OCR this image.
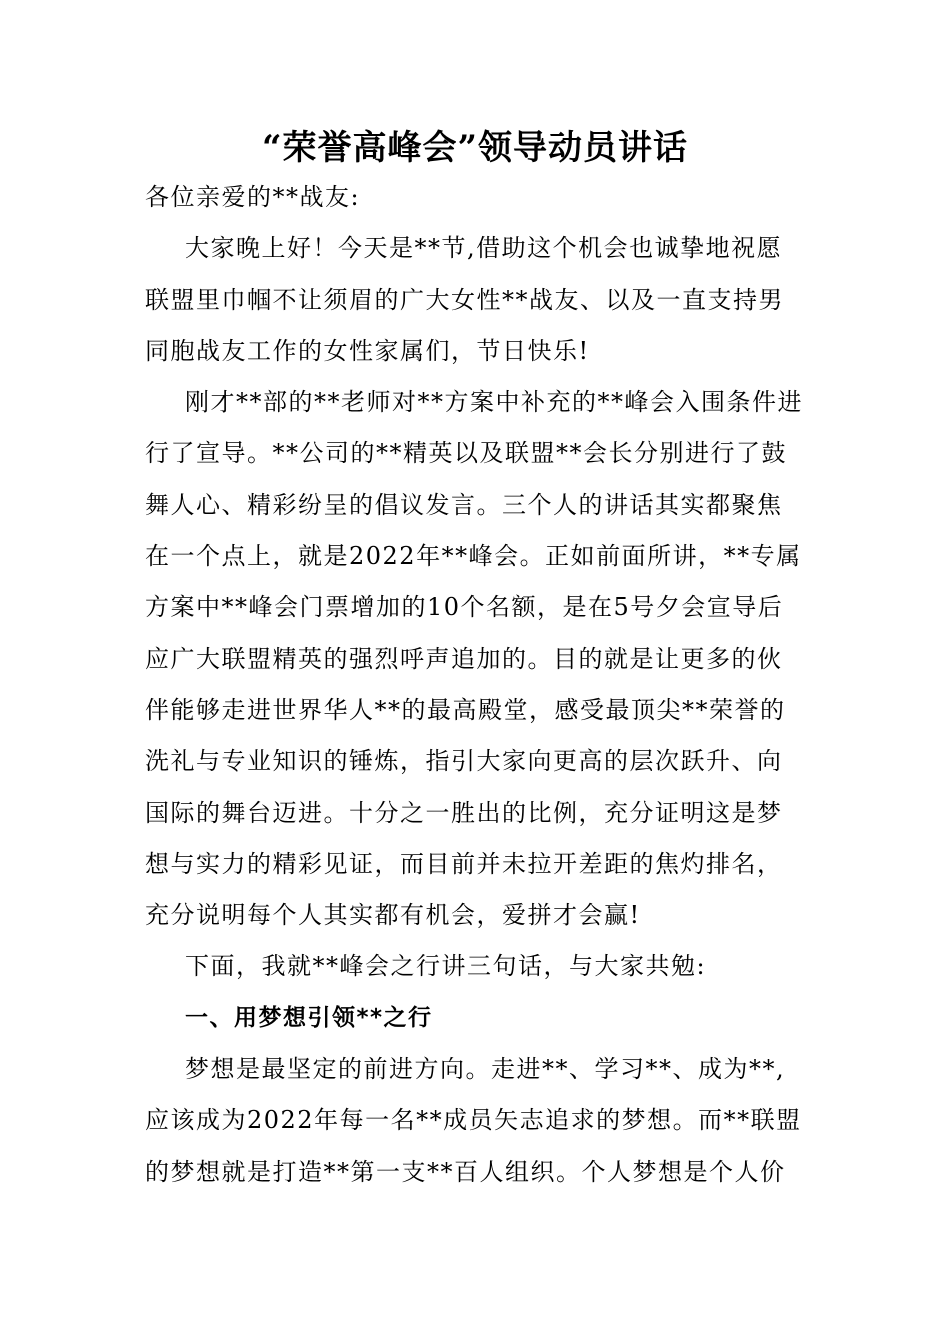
“荣誉高峰会”领导动员讲话
各位亲爱的**战友:
大家晚上好！今天是**节,借助这个机会也诚挚地祝愿
联盟里巾帼不让须眉的广大女性**战友、以及一直支持男
同胞战友工作的女性家属们，节日快乐!
刚才**部的**老师对**方案中补充的**峰会入围条件进
行了宣导。**公司的**精英以及联盟**会长分别进行了鼓
舞人心、精彩纷呈的倡议发言。三个人的讲话其实都聚焦
在一个点上，就是2022年**峰会。正如前面所讲，**专属
方案中**峰会门票增加的10个名额，是在5号夕会宣导后
应广大联盟精英的强烈呼声追加的。目的就是让更多的伙
伴能够走进世界华人**的最高殿堂，感受最顶尖**荣誉的
洗礼与专业知识的锤炼，指引大家向更高的层次跃升、向
国际的舞台迈进。十分之一胜出的比例，充分证明这是梦
想与实力的精彩见证，而目前并未拉开差距的焦灼排名，
充分说明每个人其实都有机会，爱拼才会赢!
下面，我就**峰会之行讲三句话，与大家共勉:
一、用梦想引领**之行
梦想是最坚定的前进方向。走进**、学习**、成为**,
应该成为2022年每一名**成员矢志追求的梦想。而**联盟
的梦想就是打造**第一支**百人组织。个人梦想是个人价
